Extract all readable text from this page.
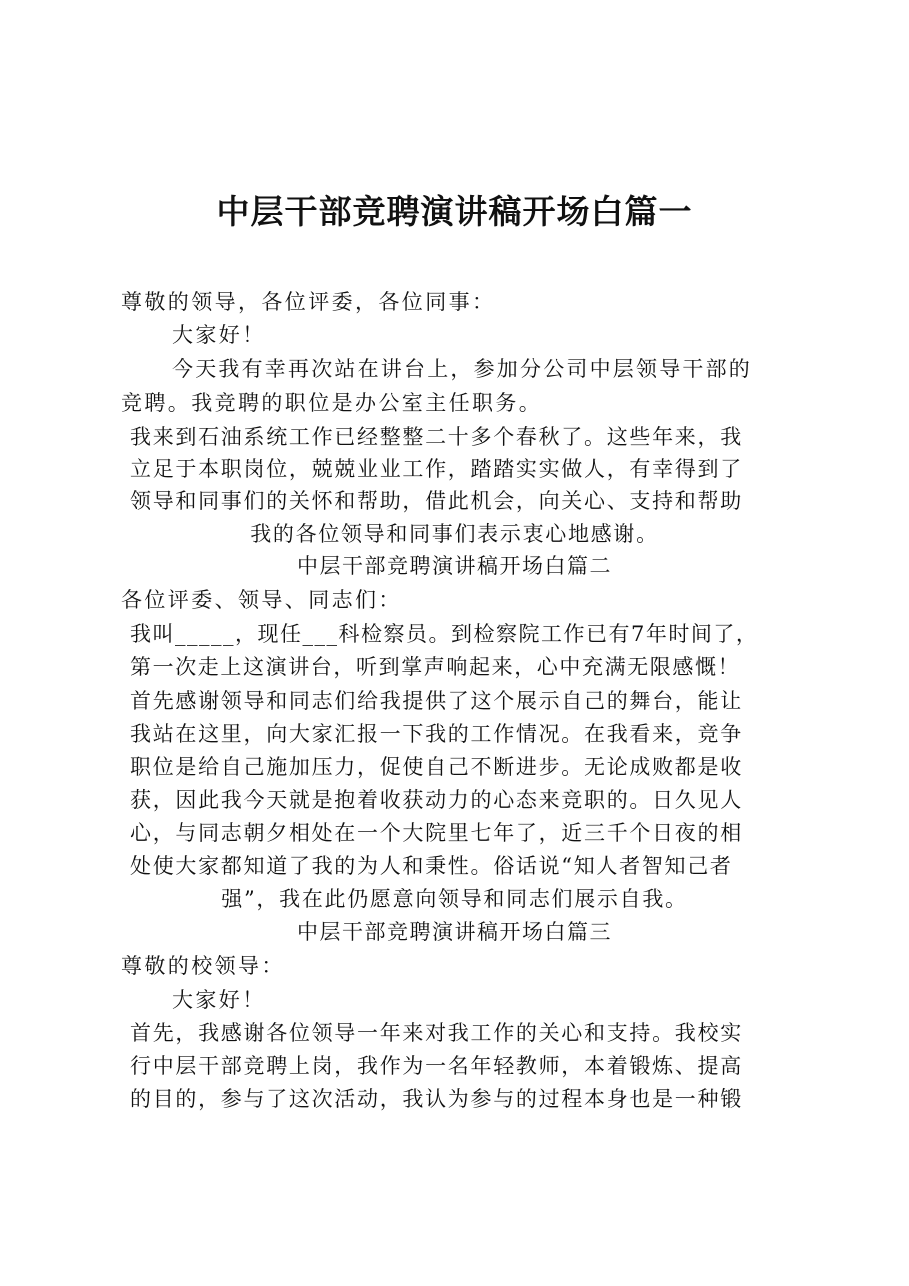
中层干部竞聘演讲稿开场白篇一
尊敬的领导，各位评委，各位同事：
大家好！
今天我有幸再次站在讲台上，参加分公司中层领导干部的
竞聘。我竞聘的职位是办公室主任职务。
我来到石油系统工作已经整整二十多个春秋了。这些年来，我
立足于本职岗位，兢兢业业工作，踏踏实实做人，有幸得到了
领导和同事们的关怀和帮助，借此机会，向关心、支持和帮助
我的各位领导和同事们表示衷心地感谢。
中层干部竞聘演讲稿开场白篇二
各位评委、领导、同志们：
我叫_____，现任___科检察员。到检察院工作已有7年时间了，
第一次走上这演讲台，听到掌声响起来，心中充满无限感慨！
首先感谢领导和同志们给我提供了这个展示自己的舞台，能让
我站在这里，向大家汇报一下我的工作情况。在我看来，竞争
职位是给自己施加压力，促使自己不断进步。无论成败都是收
获，因此我今天就是抱着收获动力的心态来竞职的。日久见人
心，与同志朝夕相处在一个大院里七年了，近三千个日夜的相
处使大家都知道了我的为人和秉性。俗话说“知人者智知己者
强”，我在此仍愿意向领导和同志们展示自我。
中层干部竞聘演讲稿开场白篇三
尊敬的校领导：
大家好！
首先，我感谢各位领导一年来对我工作的关心和支持。我校实
行中层干部竞聘上岗，我作为一名年轻教师，本着锻炼、提高
的目的，参与了这次活动，我认为参与的过程本身也是一种锻
